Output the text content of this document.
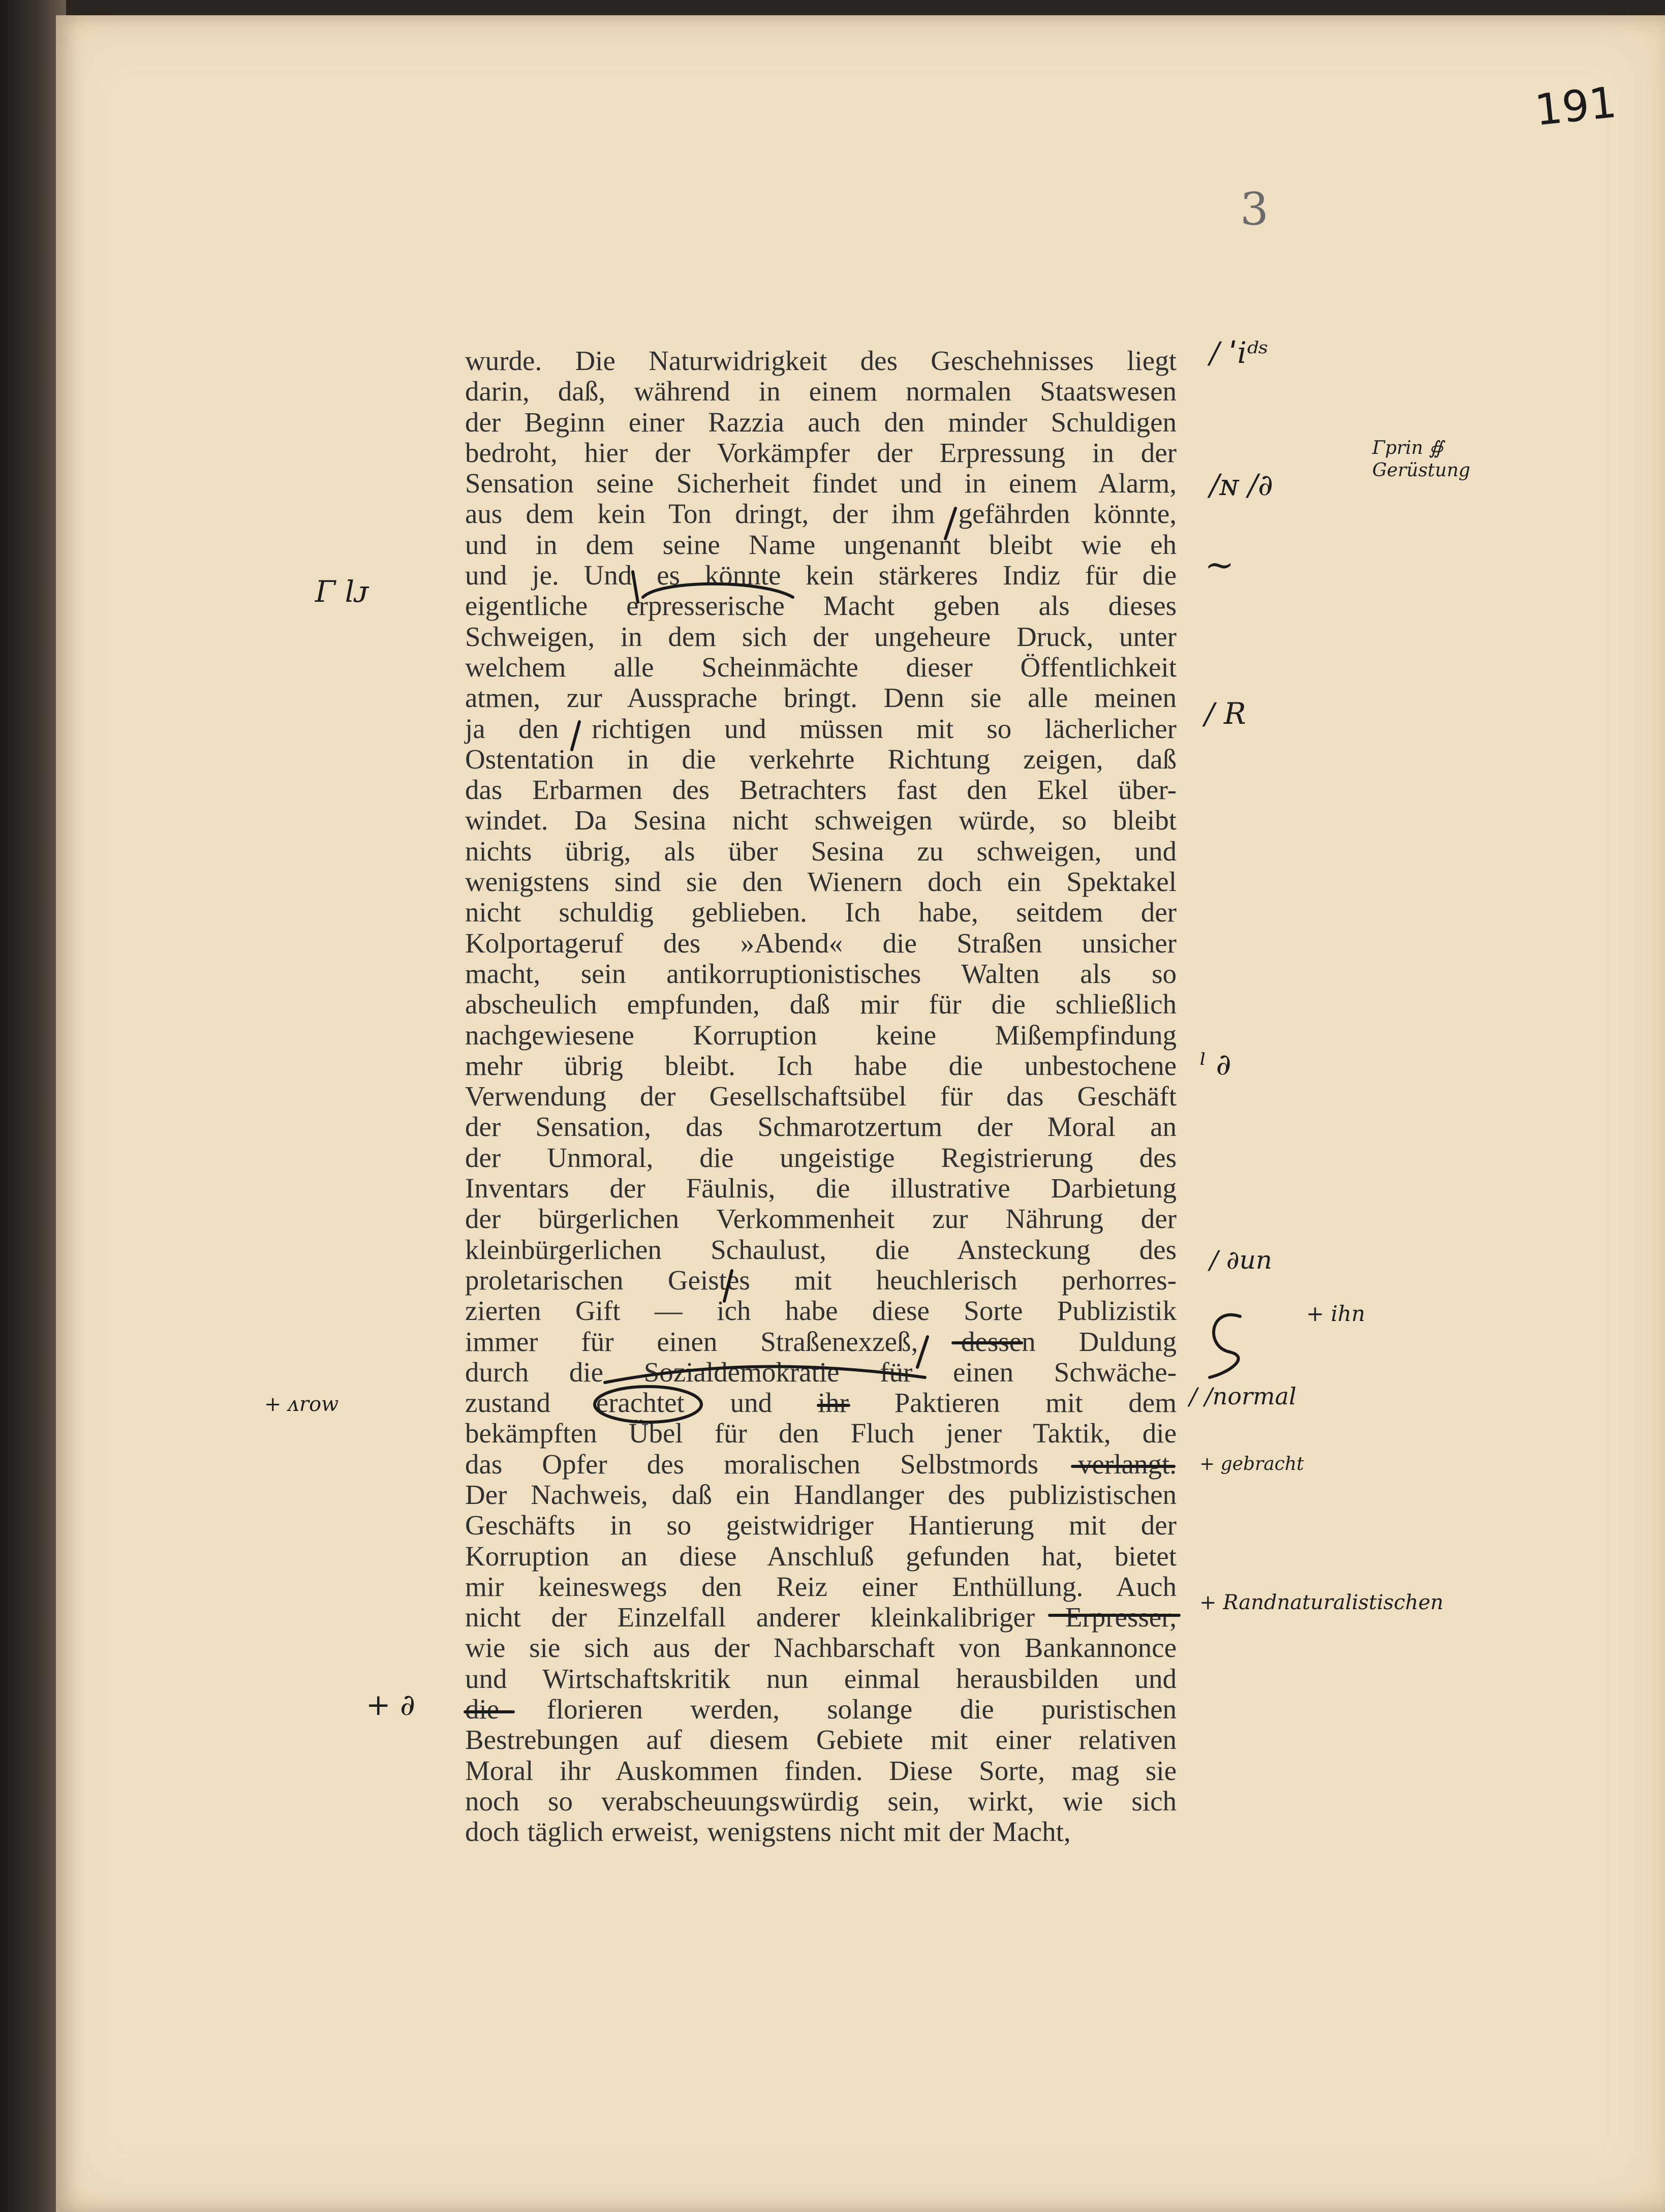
191
3
wurde. Die Naturwidrigkeit des Geschehnisses liegt
darin, daß, während in einem normalen Staatswesen
der Beginn einer Razzia auch den minder Schuldigen
bedroht, hier der Vorkämpfer der Erpressung in der
Sensation seine Sicherheit findet und in einem Alarm,
aus dem kein Ton dringt, der ihm gefährden könnte,
und in dem seine Name ungenannt bleibt wie eh
und je. Und es könnte kein stärkeres Indiz für die
eigentliche erpresserische Macht geben als dieses
Schweigen, in dem sich der ungeheure Druck, unter
welchem alle Scheinmächte dieser Öffentlichkeit
atmen, zur Aussprache bringt. Denn sie alle meinen
ja den richtigen und müssen mit so lächerlicher
Ostentation in die verkehrte Richtung zeigen, daß
das Erbarmen des Betrachters fast den Ekel über-
windet. Da Sesina nicht schweigen würde, so bleibt
nichts übrig, als über Sesina zu schweigen, und
wenigstens sind sie den Wienern doch ein Spektakel
nicht schuldig geblieben. Ich habe, seitdem der
Kolportageruf des »Abend« die Straßen unsicher
macht, sein antikorruptionistisches Walten als so
abscheulich empfunden, daß mir für die schließlich
nachgewiesene Korruption keine Mißempfindung
mehr übrig bleibt. Ich habe die unbestochene
Verwendung der Gesellschaftsübel für das Geschäft
der Sensation, das Schmarotzertum der Moral an
der Unmoral, die ungeistige Registrierung des
Inventars der Fäulnis, die illustrative Darbietung
der bürgerlichen Verkommenheit zur Nährung der
kleinbürgerlichen Schaulust, die Ansteckung des
proletarischen Geistes mit heuchlerisch perhorres-
zierten Gift — ich habe diese Sorte Publizistik
immer für einen Straßenexzeß, dessen Duldung
durch die Sozialdemokratie für einen Schwäche-
zustand erachtet und ihr Paktieren mit dem
bekämpften Übel für den Fluch jener Taktik, die
das Opfer des moralischen Selbstmords verlangt.
Der Nachweis, daß ein Handlanger des publizistischen
Geschäfts in so geistwidriger Hantierung mit der
Korruption an diese Anschluß gefunden hat, bietet
mir keineswegs den Reiz einer Enthüllung. Auch
nicht der Einzelfall anderer kleinkalibriger Erpresser,
wie sie sich aus der Nachbarschaft von Bankannonce
und Wirtschaftskritik nun einmal herausbilden und
die florieren werden, solange die puristischen
Bestrebungen auf diesem Gebiete mit einer relativen
Moral ihr Auskommen finden. Diese Sorte, mag sie
noch so verabscheuungswürdig sein, wirkt, wie sich
doch täglich erweist, wenigstens nicht mit der Macht,
Γ lᴊ
+ ᴧrow
+ ∂
/ ˈiᵈˢ
/ɴ /∂
Γprin ∯ Gerüstung
~
/ R
ˡ ∂
/ ∂un
+ ihn
/ /normal
+ gebracht
+ Randnaturalistischen
